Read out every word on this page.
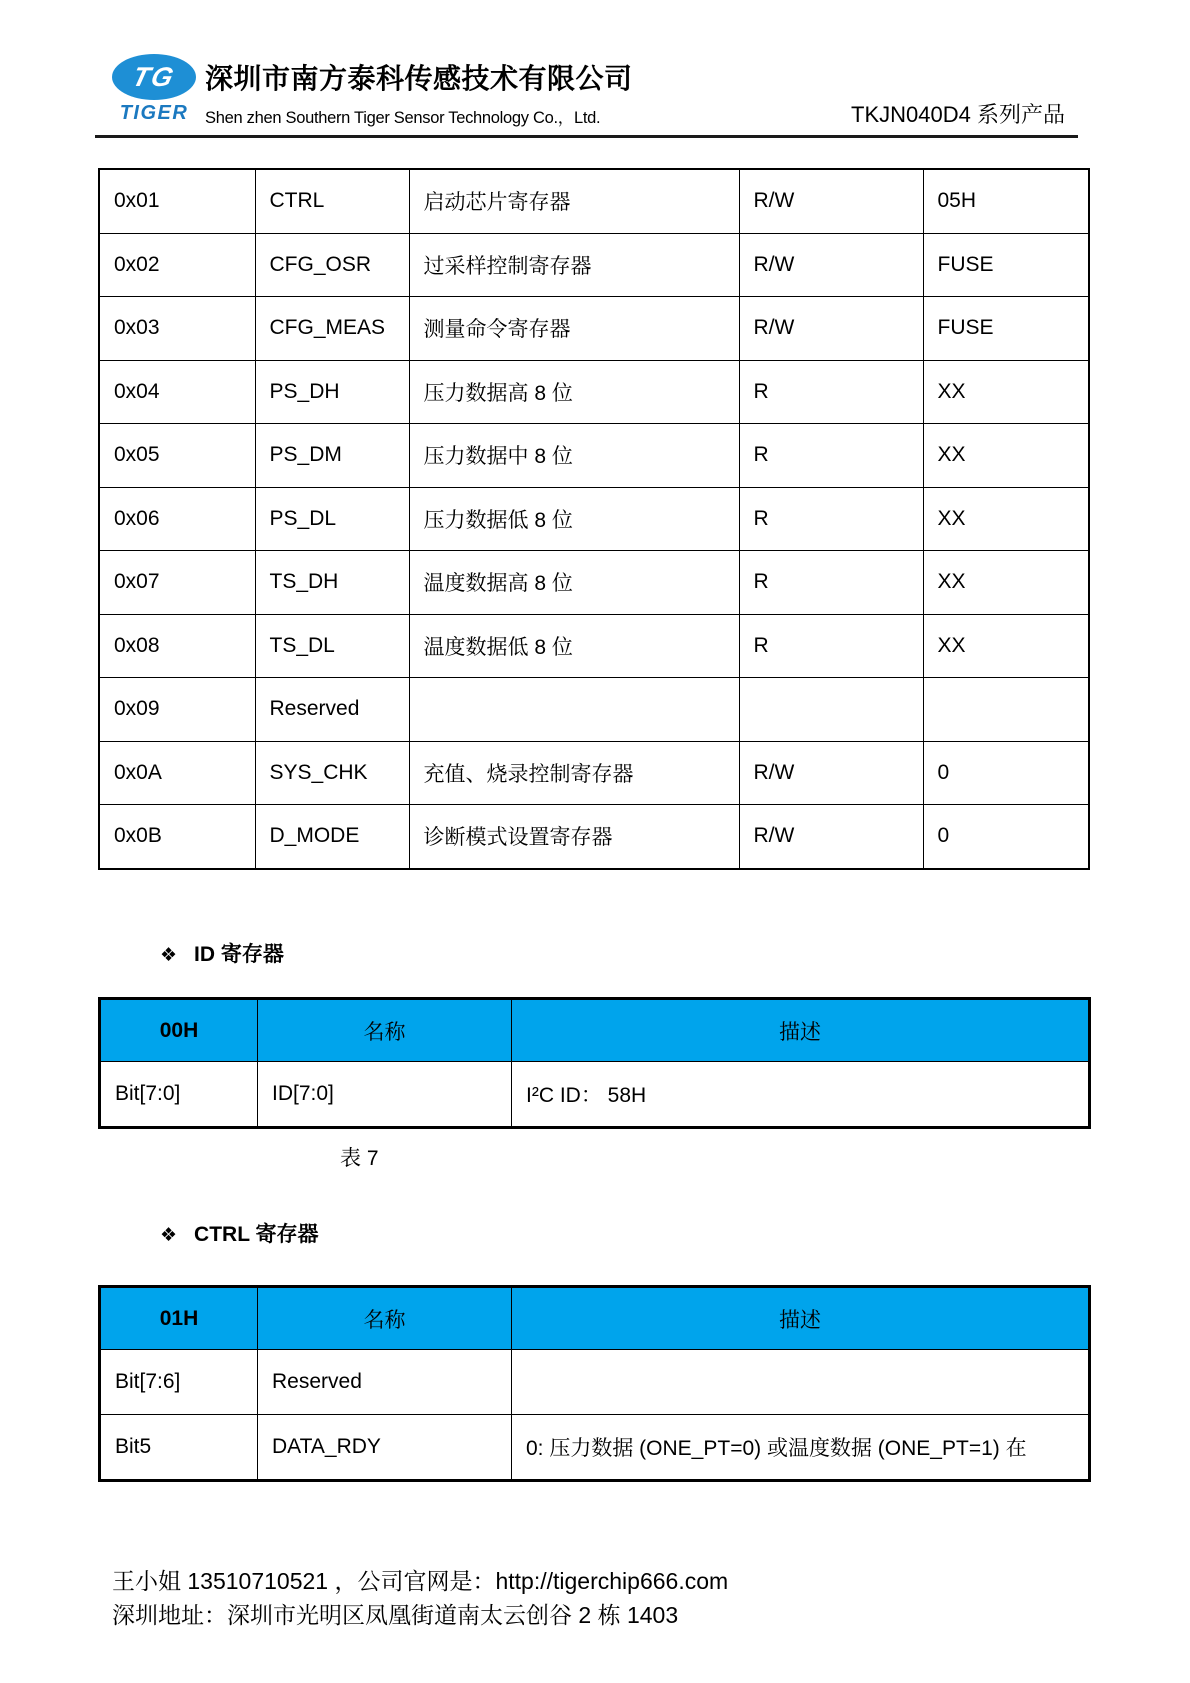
TG
TIGER
深圳市南方泰科传感技术有限公司
Shen zhen Southern Tiger Sensor Technology Co.，Ltd.	TKJN040D4 系列产品
0x01	CTRL	启动芯片寄存器	R/W	05H
0x02	CFG_OSR	过采样控制寄存器	R/W	FUSE
0x03	CFG_MEAS	测量命令寄存器	R/W	FUSE
0x04	PS_DH	压力数据高 8 位	R	XX
0x05	PS_DM	压力数据中 8 位	R	XX
0x06	PS_DL	压力数据低 8 位	R	XX
0x07	TS_DH	温度数据高 8 位	R	XX
0x08	TS_DL	温度数据低 8 位	R	XX
0x09	Reserved			
0x0A	SYS_CHK	充值、烧录控制寄存器	R/W	0
0x0B	D_MODE	诊断模式设置寄存器	R/W	0
❖ ID 寄存器
00H	名称	描述
Bit[7:0]	ID[7:0]	I²C ID： 58H
表 7
❖ CTRL 寄存器
01H	名称	描述
Bit[7:6]	Reserved	
Bit5	DATA_RDY	0: 压力数据 (ONE_PT=0) 或温度数据 (ONE_PT=1) 在
王小姐 13510710521 ，公司官网是：http://tigerchip666.com
深圳地址：深圳市光明区凤凰街道南太云创谷 2 栋 1403
